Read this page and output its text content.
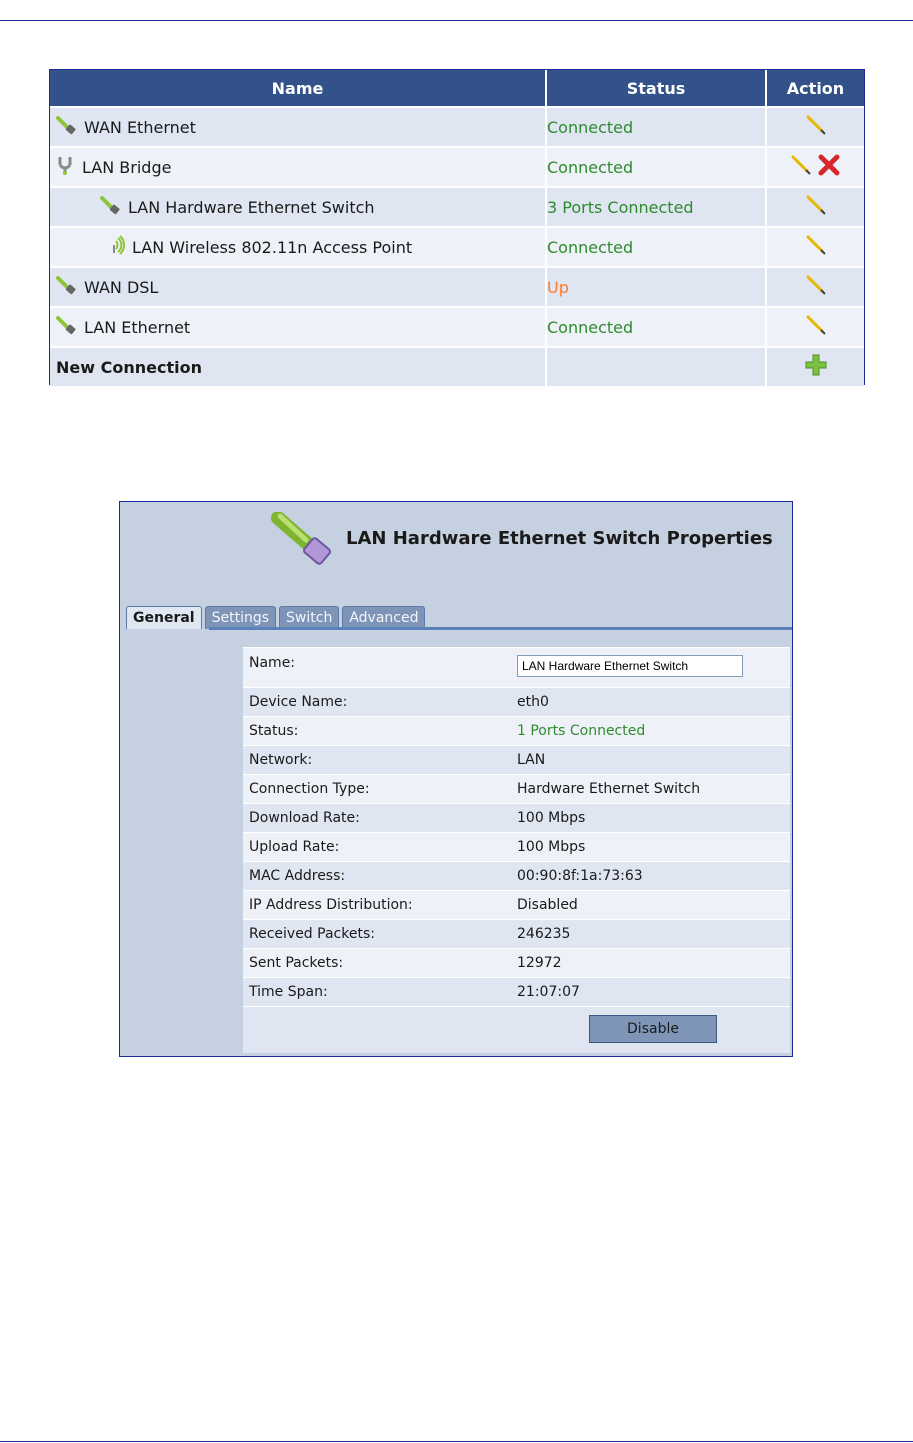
Name	Status	Action

WAN Ethernet	Connected	

LAN Bridge	Connected	

LAN Hardware Ethernet Switch	3 Ports Connected	

LAN Wireless 802.11n Access Point	Connected	

WAN DSL	Up	

LAN Ethernet	Connected	

New Connection

LAN Hardware Ethernet Switch Properties
General	Settings	Switch	Advanced
Name:
LAN Hardware Ethernet Switch
Device Name:	eth0
Status:	1 Ports Connected
Network:	LAN
Connection Type:	Hardware Ethernet Switch
Download Rate:	100 Mbps
Upload Rate:	100 Mbps
MAC Address:	00:90:8f:1a:73:63
IP Address Distribution:	Disabled
Received Packets:	246235
Sent Packets:	12972
Time Span:	21:07:07
Disable
